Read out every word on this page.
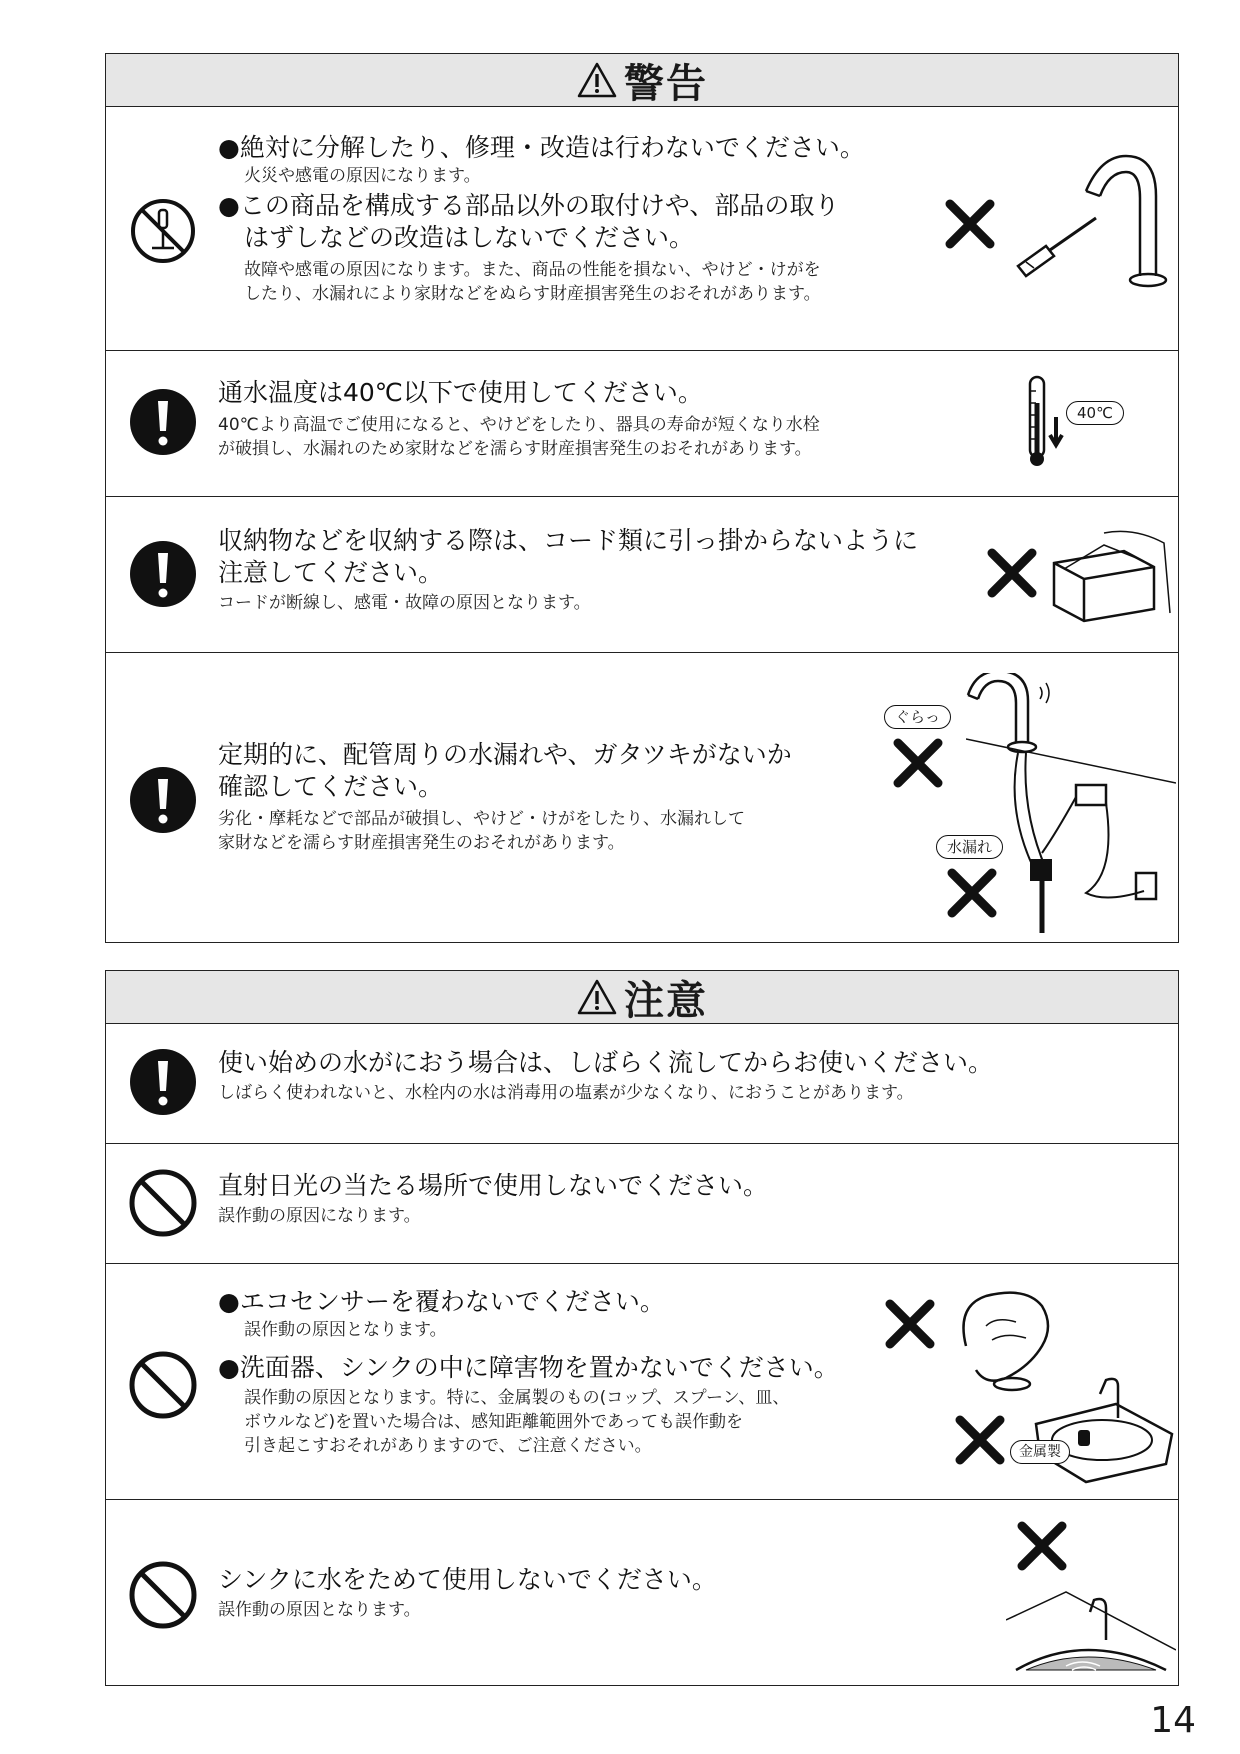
警告
●絶対に分解したり、修理・改造は行わないでください。
火災や感電の原因になります。
●この商品を構成する部品以外の取付けや、部品の取り
はずしなどの改造はしないでください。
故障や感電の原因になります。また、商品の性能を損ない、やけど・けがを
したり、水漏れにより家財などをぬらす財産損害発生のおそれがあります。
通水温度は40℃以下で使用してください。
40℃より高温でご使用になると、やけどをしたり、器具の寿命が短くなり水栓
が破損し、水漏れのため家財などを濡らす財産損害発生のおそれがあります。
40℃
収納物などを収納する際は、コード類に引っ掛からないように
注意してください。
コードが断線し、感電・故障の原因となります。
定期的に、配管周りの水漏れや、ガタツキがないか
確認してください。
劣化・摩耗などで部品が破損し、やけど・けがをしたり、水漏れして
家財などを濡らす財産損害発生のおそれがあります。
ぐらっ
水漏れ
注意
使い始めの水がにおう場合は、しばらく流してからお使いください。
しばらく使われないと、水栓内の水は消毒用の塩素が少なくなり、におうことがあります。
直射日光の当たる場所で使用しないでください。
誤作動の原因になります。
●エコセンサーを覆わないでください。
誤作動の原因となります。
●洗面器、シンクの中に障害物を置かないでください。
誤作動の原因となります。特に、金属製のもの(コップ、スプーン、皿、
ボウルなど)を置いた場合は、感知距離範囲外であっても誤作動を
引き起こすおそれがありますので、ご注意ください。	金属製
シンクに水をためて使用しないでください。
誤作動の原因となります。
14
